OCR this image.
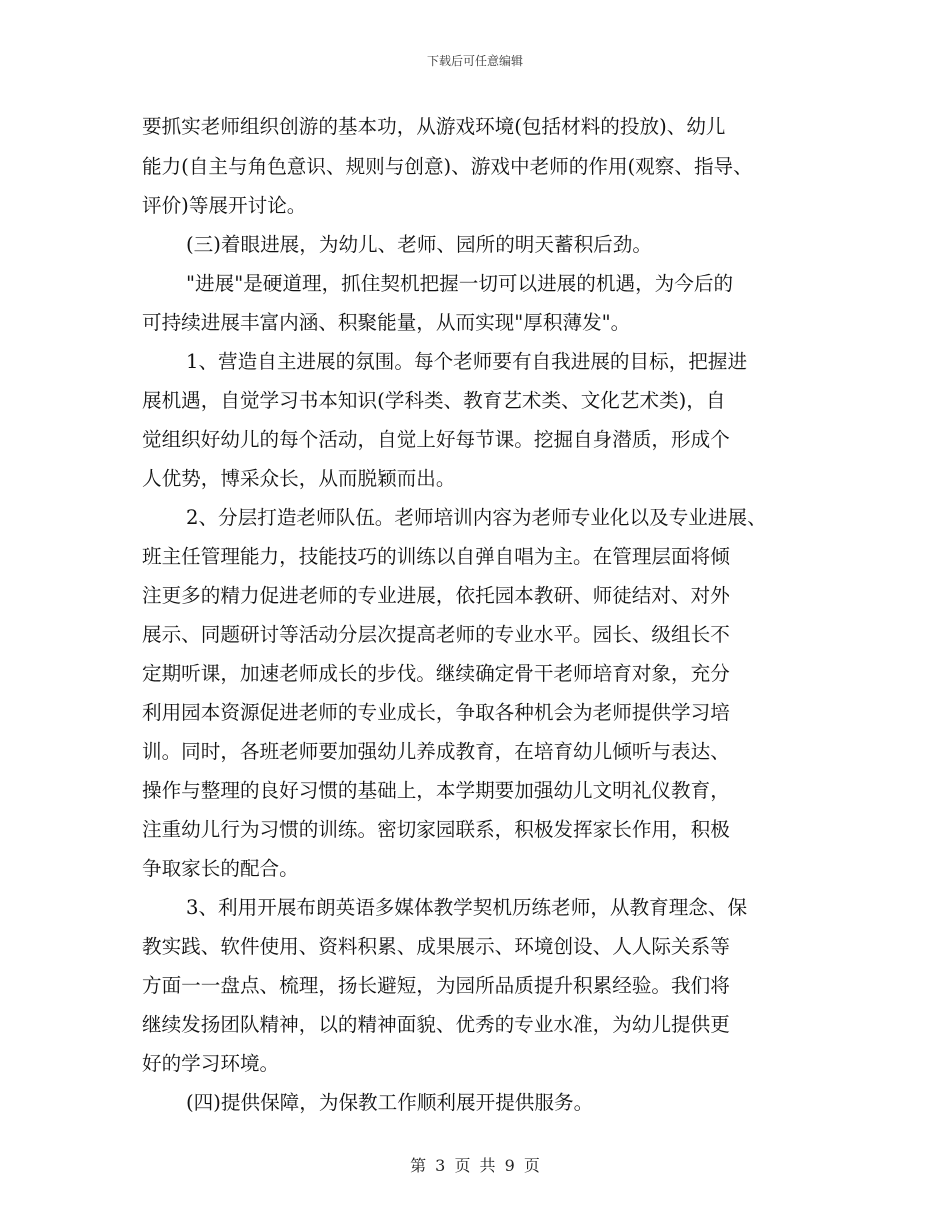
下载后可任意编辑
要抓实老师组织创游的基本功，从游戏环境(包括材料的投放)、幼儿
能力(自主与角色意识、规则与创意)、游戏中老师的作用(观察、指导、
评价)等展开讨论。
(三)着眼进展，为幼儿、老师、园所的明天蓄积后劲。
"进展"是硬道理，抓住契机把握一切可以进展的机遇，为今后的
可持续进展丰富内涵、积聚能量，从而实现"厚积薄发"。
1、营造自主进展的氛围。每个老师要有自我进展的目标，把握进
展机遇，自觉学习书本知识(学科类、教育艺术类、文化艺术类)，自
觉组织好幼儿的每个活动，自觉上好每节课。挖掘自身潜质，形成个
人优势，博采众长，从而脱颖而出。
2、分层打造老师队伍。老师培训内容为老师专业化以及专业进展、
班主任管理能力，技能技巧的训练以自弹自唱为主。在管理层面将倾
注更多的精力促进老师的专业进展，依托园本教研、师徒结对、对外
展示、同题研讨等活动分层次提高老师的专业水平。园长、级组长不
定期听课，加速老师成长的步伐。继续确定骨干老师培育对象，充分
利用园本资源促进老师的专业成长，争取各种机会为老师提供学习培
训。同时，各班老师要加强幼儿养成教育，在培育幼儿倾听与表达、
操作与整理的良好习惯的基础上，本学期要加强幼儿文明礼仪教育，
注重幼儿行为习惯的训练。密切家园联系，积极发挥家长作用，积极
争取家长的配合。
3、利用开展布朗英语多媒体教学契机历练老师，从教育理念、保
教实践、软件使用、资料积累、成果展示、环境创设、人人际关系等
方面一一盘点、梳理，扬长避短，为园所品质提升积累经验。我们将
继续发扬团队精神，以的精神面貌、优秀的专业水准，为幼儿提供更
好的学习环境。
(四)提供保障，为保教工作顺利展开提供服务。
第 3 页 共 9 页
